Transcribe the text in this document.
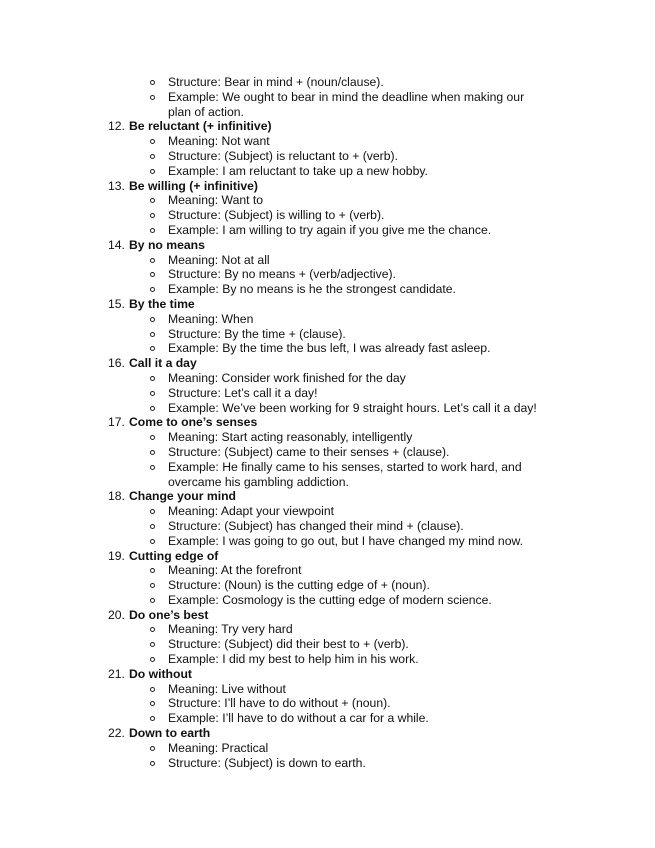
Structure: Bear in mind + (noun/clause).
Example: We ought to bear in mind the deadline when making our
plan of action.
12. Be reluctant (+ infinitive)
Meaning: Not want
Structure: (Subject) is reluctant to + (verb).
Example: I am reluctant to take up a new hobby.
13. Be willing (+ infinitive)
Meaning: Want to
Structure: (Subject) is willing to + (verb).
Example: I am willing to try again if you give me the chance.
14. By no means
Meaning: Not at all
Structure: By no means + (verb/adjective).
Example: By no means is he the strongest candidate.
15. By the time
Meaning: When
Structure: By the time + (clause).
Example: By the time the bus left, I was already fast asleep.
16. Call it a day
Meaning: Consider work finished for the day
Structure: Let’s call it a day!
Example: We’ve been working for 9 straight hours. Let’s call it a day!
17. Come to one’s senses
Meaning: Start acting reasonably, intelligently
Structure: (Subject) came to their senses + (clause).
Example: He finally came to his senses, started to work hard, and
overcame his gambling addiction.
18. Change your mind
Meaning: Adapt your viewpoint
Structure: (Subject) has changed their mind + (clause).
Example: I was going to go out, but I have changed my mind now.
19. Cutting edge of
Meaning: At the forefront
Structure: (Noun) is the cutting edge of + (noun).
Example: Cosmology is the cutting edge of modern science.
20. Do one’s best
Meaning: Try very hard
Structure: (Subject) did their best to + (verb).
Example: I did my best to help him in his work.
21. Do without
Meaning: Live without
Structure: I’ll have to do without + (noun).
Example: I’ll have to do without a car for a while.
22. Down to earth
Meaning: Practical
Structure: (Subject) is down to earth.
